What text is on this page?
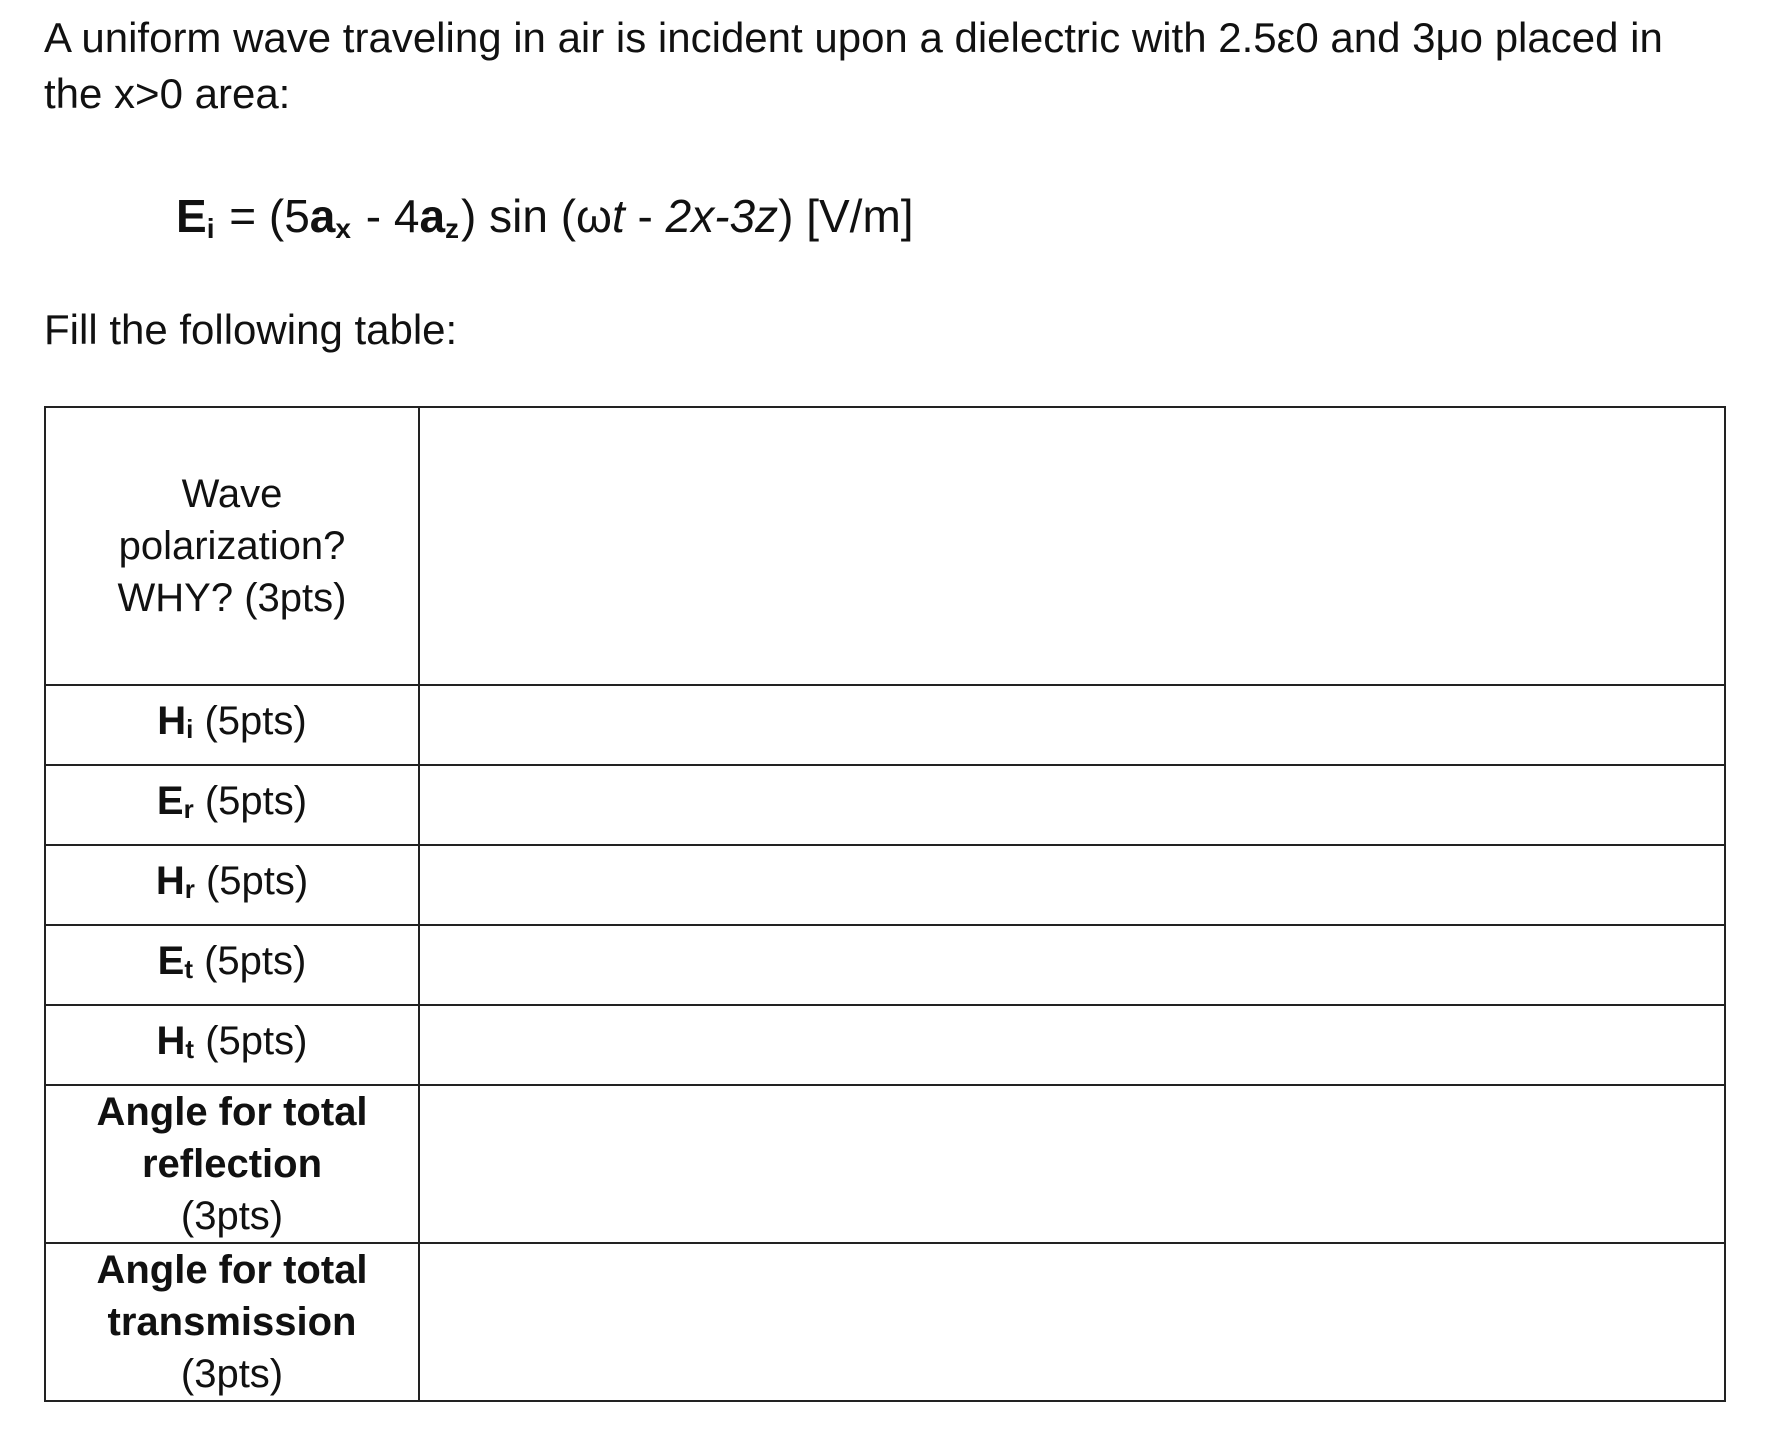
A uniform wave traveling in air is incident upon a dielectric with 2.5ε0 and 3μo placed in
the x>0 area:
$E_i = (5a_x - 4a_z)$ sin (ωt - 2x-3z) [V/m]
Fill the following table:
Wave
polarization?
WHY? (3pts)	

Hi (5pts)	
Er (5pts)	
Hr (5pts)	
Et (5pts)	
Ht (5pts)	

Angle for total
reflection
(3pts)	

Angle for total
transmission
(3pts)	
